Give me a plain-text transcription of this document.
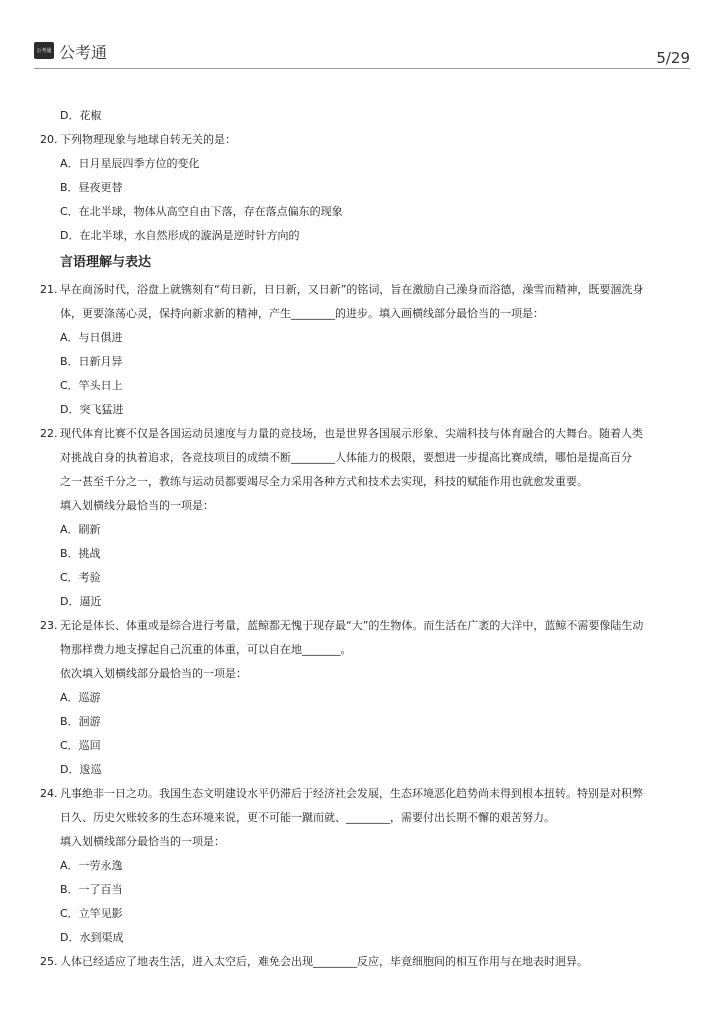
公考通 公考通	5/29
D．花椒
20. 下列物理现象与地球自转无关的是：
A．日月星辰四季方位的变化
B．昼夜更替
C．在北半球，物体从高空自由下落，存在落点偏东的现象
D．在北半球，水自然形成的漩涡是逆时针方向的
言语理解与表达
21. 早在商汤时代，浴盘上就镌刻有“苟日新，日日新，又日新”的铭词，旨在激励自己澡身而浴德，澡雪而精神，既要涸洗身
体，更要涤荡心灵，保持向新求新的精神，产生________的进步。填入画横线部分最恰当的一项是：
A．与日俱进
B．日新月异
C．竿头日上
D．突飞猛进
22. 现代体育比赛不仅是各国运动员速度与力量的竞技场，也是世界各国展示形象、尖端科技与体育融合的大舞台。随着人类
对挑战自身的执着追求，各竞技项目的成绩不断________人体能力的极限，要想进一步提高比赛成绩，哪怕是提高百分
之一甚至千分之一，教练与运动员都要竭尽全力采用各种方式和技术去实现，科技的赋能作用也就愈发重要。
填入划横线分最恰当的一项是：
A．刷新
B．挑战
C．考验
D．逼近
23. 无论是体长、体重或是综合进行考量，蓝鲸都无愧于现存最“大”的生物体。而生活在广袤的大洋中，蓝鲸不需要像陆生动
物那样费力地支撑起自己沉重的体重，可以自在地_______。
依次填入划横线部分最恰当的一项是：
A．巡游
B．洄游
C．巡回
D．逡巡
24. 凡事绝非一日之功。我国生态文明建设水平仍滞后于经济社会发展，生态环境恶化趋势尚未得到根本扭转。特别是对积弊
日久、历史欠账较多的生态环境来说，更不可能一蹴而就、________，需要付出长期不懈的艰苦努力。
填入划横线部分最恰当的一项是：
A．一劳永逸
B．一了百当
C．立竿见影
D．水到渠成
25. 人体已经适应了地表生活，进入太空后，难免会出现________反应，毕竟细胞间的相互作用与在地表时迥异。
